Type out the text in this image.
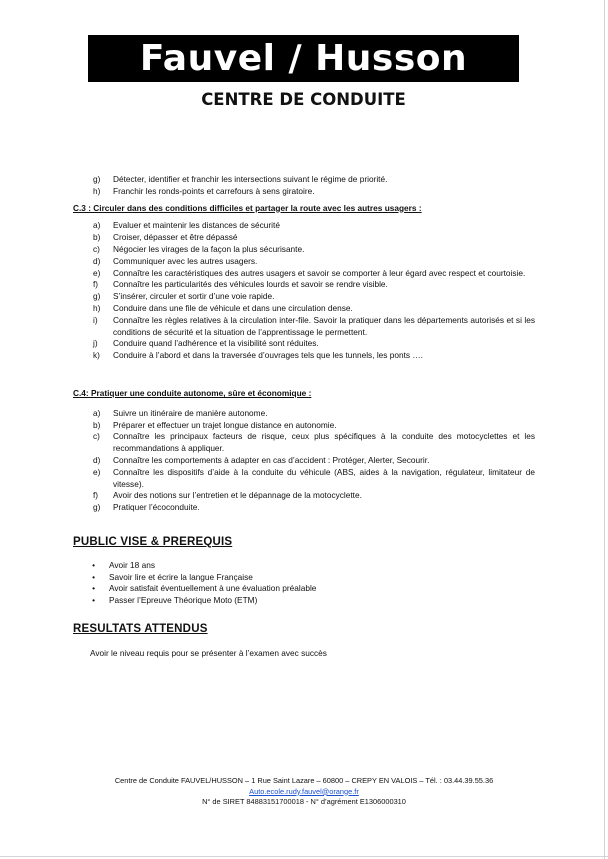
Fauvel / Husson
CENTRE DE CONDUITE
g)	Détecter, identifier et franchir les intersections suivant le régime de priorité.
h)	Franchir les ronds-points et carrefours à sens giratoire.
C.3 : Circuler dans des conditions difficiles et partager la route avec les autres usagers :
a)	Evaluer et maintenir les distances de sécurité
b)	Croiser, dépasser et être dépassé
c)	Négocier les virages de la façon la plus sécurisante.
d)	Communiquer avec les autres usagers.
e)	Connaître les caractéristiques des autres usagers et savoir se comporter à leur égard avec respect et courtoisie.
f)	Connaître les particularités des véhicules lourds et savoir se rendre visible.
g)	S’insérer, circuler et sortir d’une voie rapide.
h)	Conduire dans une file de véhicule et dans une circulation dense.
i)	Connaître les règles relatives à la circulation inter-file. Savoir la pratiquer dans les départements autorisés et si les conditions de sécurité et la situation de l’apprentissage le permettent.
j)	Conduire quand l’adhérence et la visibilité sont réduites.
k)	Conduire à l’abord et dans la traversée d’ouvrages tels que les tunnels, les ponts ….
C.4: Pratiquer une conduite autonome, sûre et économique :
a)	Suivre un itinéraire de manière autonome.
b)	Préparer et effectuer un trajet longue distance en autonomie.
c)	Connaître les principaux facteurs de risque, ceux plus spécifiques à la conduite des motocyclettes et les recommandations à appliquer.
d)	Connaître les comportements à adapter en cas d’accident : Protéger, Alerter, Secourir.
e)	Connaître les dispositifs d’aide à la conduite du véhicule (ABS, aides à la navigation, régulateur, limitateur de vitesse).
f)	Avoir des notions sur l’entretien et le dépannage de la motocyclette.
g)	Pratiquer l’écoconduite.
PUBLIC VISE & PREREQUIS
•	Avoir 18 ans
•	Savoir lire et écrire la langue Française
•	Avoir satisfait éventuellement à une évaluation préalable
•	Passer l’Epreuve Théorique Moto (ETM)
RESULTATS ATTENDUS
Avoir le niveau requis pour se présenter à l’examen avec succès
Centre de Conduite FAUVEL/HUSSON – 1 Rue Saint Lazare – 60800 – CREPY EN VALOIS – Tél. : 03.44.39.55.36
Auto.ecole.rudy.fauvel@orange.fr
N° de SIRET 84883151700018 - N° d’agrément E1306000310
